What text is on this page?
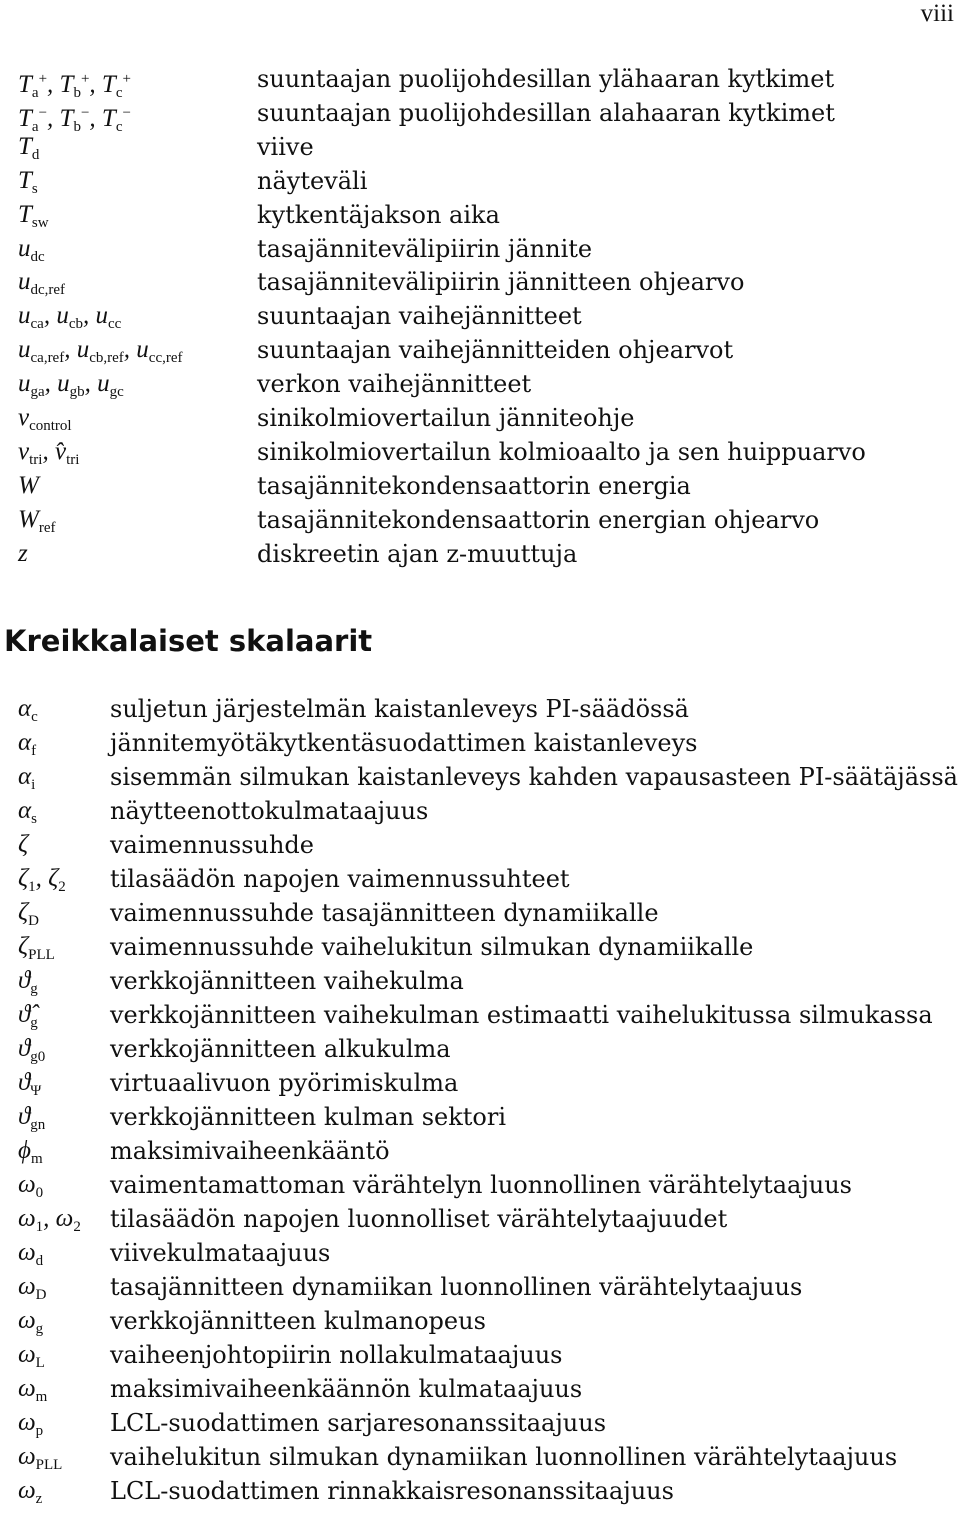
viii
$T_a^+$, $T_b^+$, $T_c^+$	suuntaajan puolijohdesillan ylähaaran kytkimet
$T_a^-$, $T_b^-$, $T_c^-$	suuntaajan puolijohdesillan alahaaran kytkimet
$T_d$	viive
$T_s$	näyteväli
$T_{sw}$	kytkentäjakson aika
$u_{dc}$	tasajännitevälipiirin jännite
$u_{dc,ref}$	tasajännitevälipiirin jännitteen ohjearvo
$u_{ca}$, $u_{cb}$, $u_{cc}$	suuntaajan vaihejännitteet
$u_{ca,ref}$, $u_{cb,ref}$, $u_{cc,ref}$	suuntaajan vaihejännitteiden ohjearvot
$u_{ga}$, $u_{gb}$, $u_{gc}$	verkon vaihejännitteet
$v_{control}$	sinikolmiovertailun jänniteohje
$v_{tri}$, $v̂_{tri}$	sinikolmiovertailun kolmioaalto ja sen huippuarvo
W	tasajännitekondensaattorin energia
$W_{ref}$	tasajännitekondensaattorin energian ohjearvo
z	diskreetin ajan z-muuttuja
Kreikkalaiset skalaarit
$\alpha_c$	suljetun järjestelmän kaistanleveys PI-säädössä
$\alpha_f$	jännitemyötäkytkentäsuodattimen kaistanleveys
$\alpha_i$	sisemmän silmukan kaistanleveys kahden vapausasteen PI-säätäjässä
$\alpha_s$	näytteenottokulmataajuus
ζ	vaimennussuhde
$\zeta_1$, $\zeta_2$	tilasäädön napojen vaimennussuhteet
$\zeta_D$	vaimennussuhde tasajännitteen dynamiikalle
$\zeta_{PLL}$	vaimennussuhde vaihelukitun silmukan dynamiikalle
$ϑ_g$	verkkojännitteen vaihekulma
$ϑ̂_g$	verkkojännitteen vaihekulman estimaatti vaihelukitussa silmukassa
$ϑ_{g0}$	verkkojännitteen alkukulma
$ϑ_\Psi$	virtuaalivuon pyörimiskulma
$ϑ_{gn}$	verkkojännitteen kulman sektori
$\phi_m$	maksimivaiheenkääntö
$\omega_0$	vaimentamattoman värähtelyn luonnollinen värähtelytaajuus
$\omega_1$, $\omega_2$	tilasäädön napojen luonnolliset värähtelytaajuudet
$\omega_d$	viivekulmataajuus
$\omega_D$	tasajännitteen dynamiikan luonnollinen värähtelytaajuus
$\omega_g$	verkkojännitteen kulmanopeus
$\omega_L$	vaiheenjohtopiirin nollakulmataajuus
$\omega_m$	maksimivaiheenkäännön kulmataajuus
$\omega_p$	LCL-suodattimen sarjaresonanssitaajuus
$\omega_{PLL}$	vaihelukitun silmukan dynamiikan luonnollinen värähtelytaajuus
$\omega_z$	LCL-suodattimen rinnakkaisresonanssitaajuus
